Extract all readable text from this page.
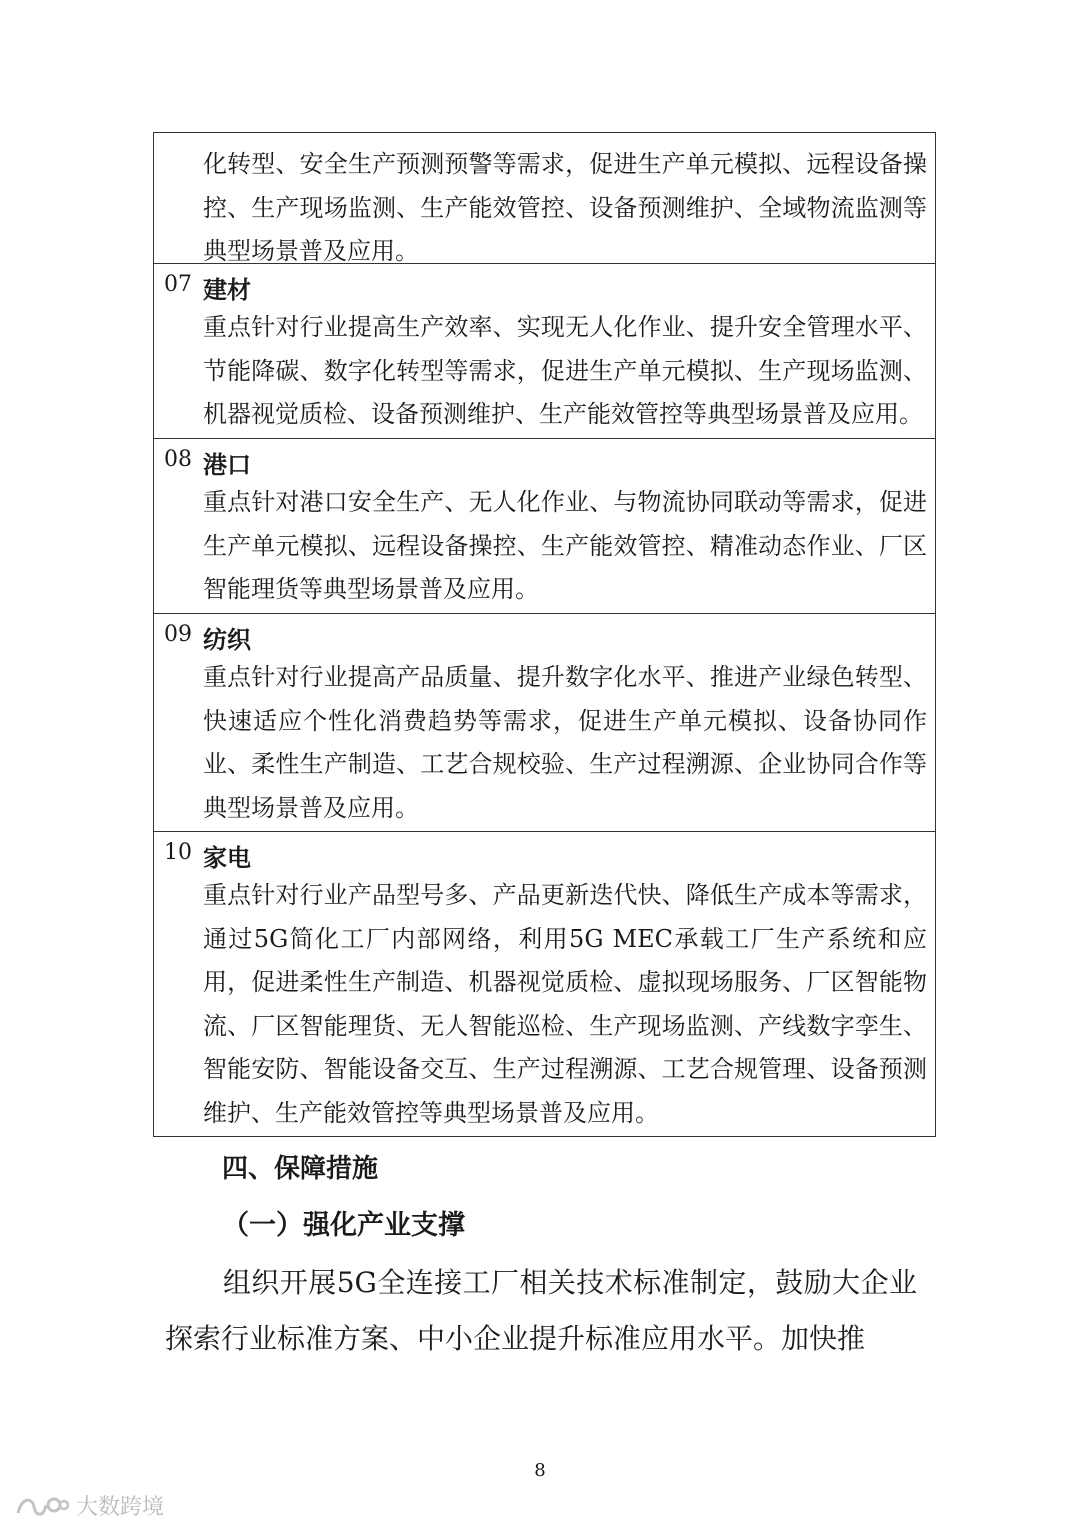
化转型、安全生产预测预警等需求，促进生产单元模拟、远程设备操控、生产现场监测、生产能效管控、设备预测维护、全域物流监测等典型场景普及应用。
07 建材
重点针对行业提高生产效率、实现无人化作业、提升安全管理水平、节能降碳、数字化转型等需求，促进生产单元模拟、生产现场监测、机器视觉质检、设备预测维护、生产能效管控等典型场景普及应用。
08 港口
重点针对港口安全生产、无人化作业、与物流协同联动等需求，促进生产单元模拟、远程设备操控、生产能效管控、精准动态作业、厂区智能理货等典型场景普及应用。
09 纺织
重点针对行业提高产品质量、提升数字化水平、推进产业绿色转型、快速适应个性化消费趋势等需求，促进生产单元模拟、设备协同作业、柔性生产制造、工艺合规校验、生产过程溯源、企业协同合作等典型场景普及应用。
10 家电
重点针对行业产品型号多、产品更新迭代快、降低生产成本等需求，通过5G简化工厂内部网络，利用5G MEC承载工厂生产系统和应用，促进柔性生产制造、机器视觉质检、虚拟现场服务、厂区智能物流、厂区智能理货、无人智能巡检、生产现场监测、产线数字孪生、智能安防、智能设备交互、生产过程溯源、工艺合规管理、设备预测维护、生产能效管控等典型场景普及应用。
四、保障措施
（一）强化产业支撑
组织开展5G全连接工厂相关技术标准制定，鼓励大企业探索行业标准方案、中小企业提升标准应用水平。加快推
8
大数跨境
